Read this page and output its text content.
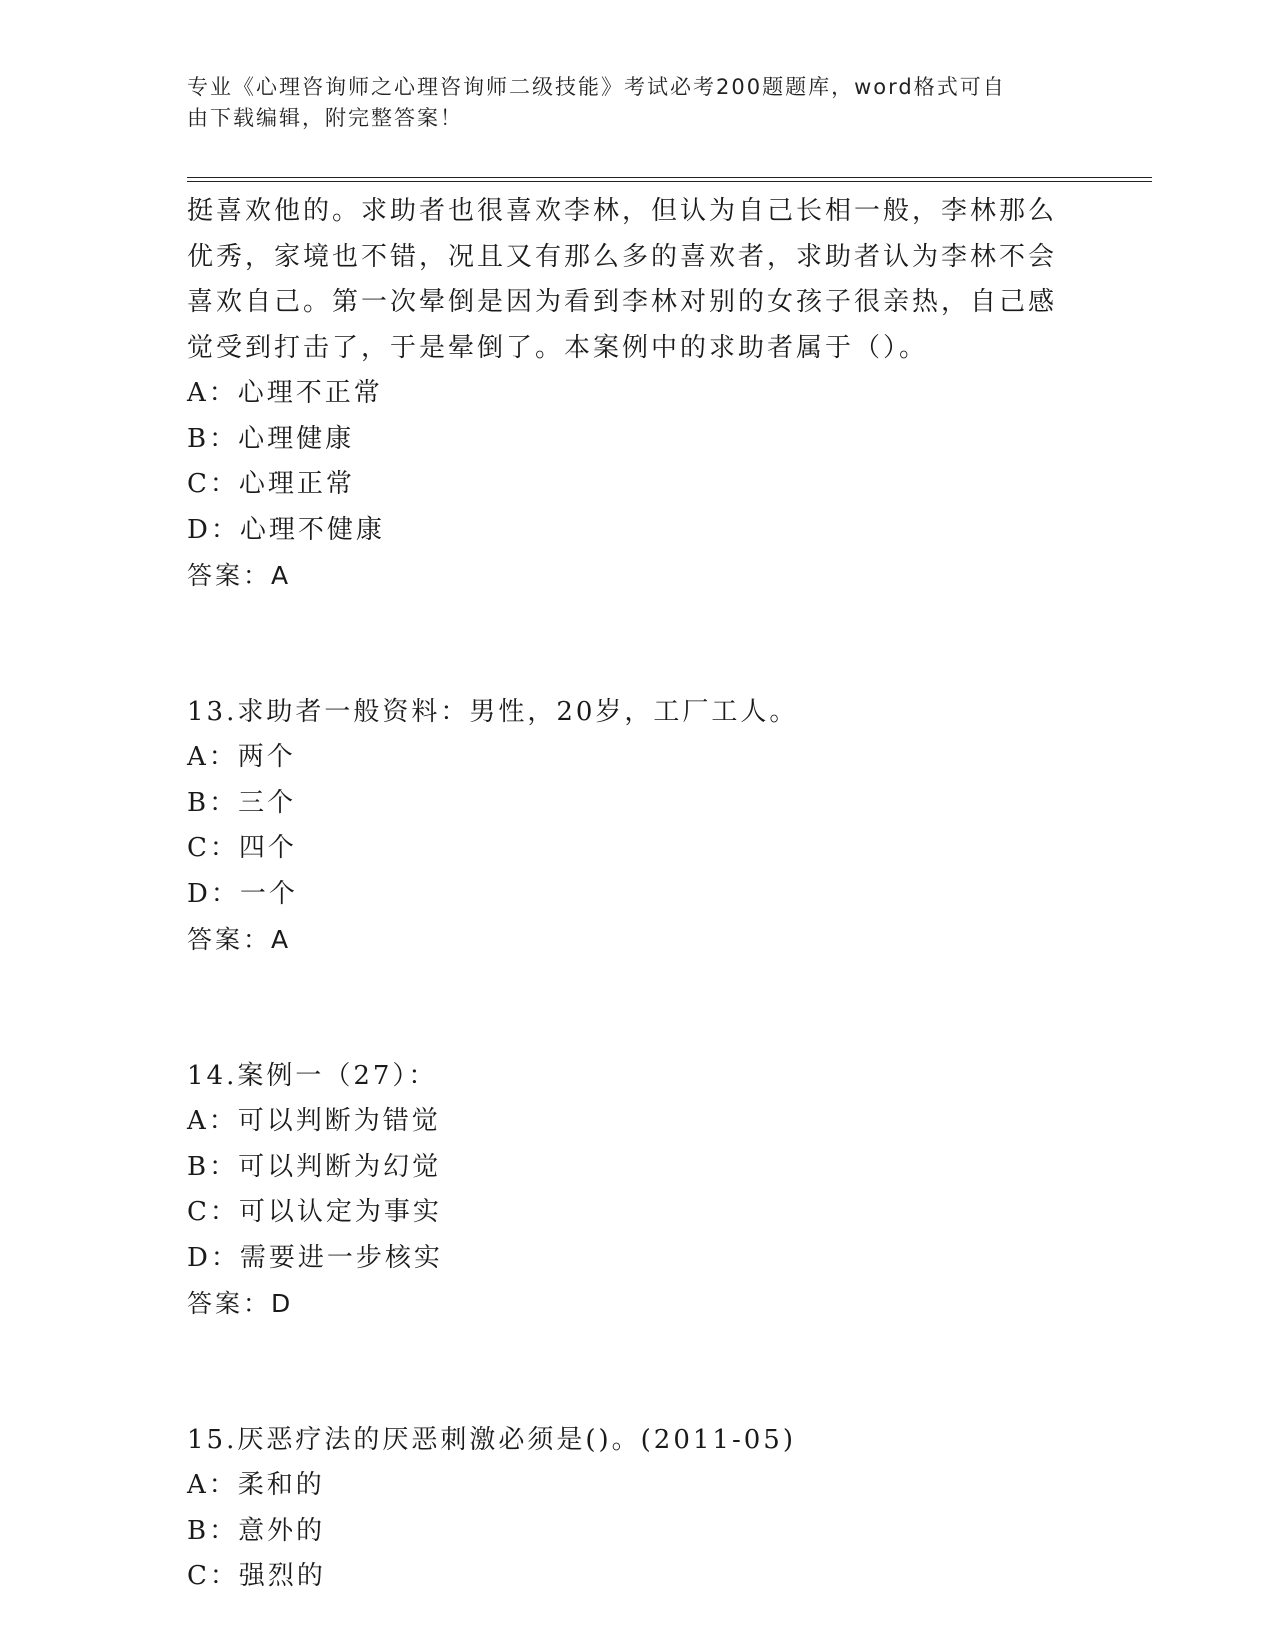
专业《心理咨询师之心理咨询师二级技能》考试必考200题题库，word格式可自
由下载编辑，附完整答案！

挺喜欢他的。求助者也很喜欢李林，但认为自己长相一般，李林那么

优秀，家境也不错，况且又有那么多的喜欢者，求助者认为李林不会

喜欢自己。第一次晕倒是因为看到李林对别的女孩子很亲热，自己感

觉受到打击了，于是晕倒了。本案例中的求助者属于（）。

A：心理不正常
B：心理健康
C：心理正常
D：心理不健康
答案：A
13.求助者一般资料：男性，20岁，工厂工人。
A：两个
B：三个
C：四个
D：一个
答案：A
14.案例一（27）：
A：可以判断为错觉
B：可以判断为幻觉
C：可以认定为事实
D：需要进一步核实
答案：D
15.厌恶疗法的厌恶刺激必须是()。(2011-05)
A：柔和的
B：意外的
C：强烈的
